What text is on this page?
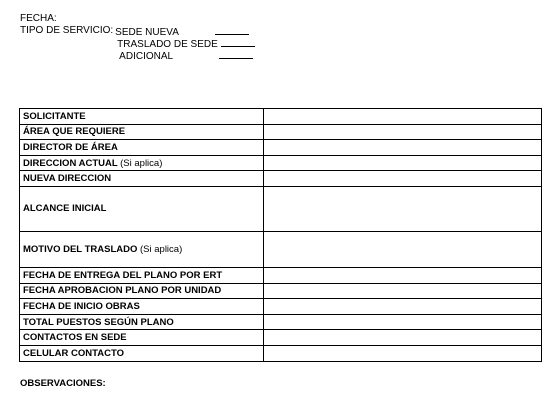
FECHA:
TIPO DE SERVICIO: SEDE NUEVA
TRASLADO DE SEDE
ADICIONAL
SOLICITANTE	
ÁREA QUE REQUIERE	
DIRECTOR DE ÁREA	
DIRECCION ACTUAL (Si aplica)	
NUEVA DIRECCION	
ALCANCE INICIAL	
MOTIVO DEL TRASLADO (Si aplica)	
FECHA DE ENTREGA DEL PLANO POR ERT	
FECHA APROBACION PLANO POR UNIDAD	
FECHA DE INICIO OBRAS	
TOTAL PUESTOS SEGÚN PLANO	
CONTACTOS EN SEDE	
CELULAR CONTACTO	
OBSERVACIONES:
